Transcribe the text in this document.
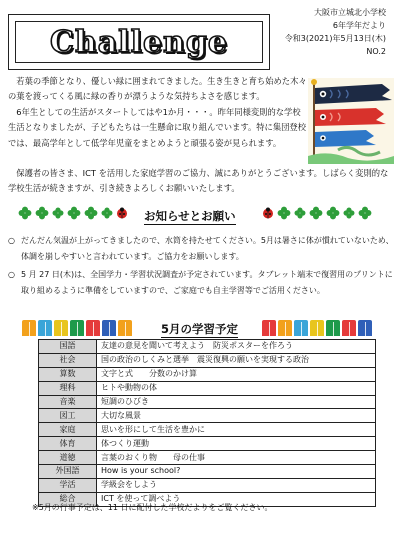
Challenge
大阪市立城北小学校
6年学年だより
令和3(2021)年5月13日(木)
NO.2

若葉の季節となり、優しい緑に囲まれてきました。生き生きと育ち始めた木々の葉を渡ってくる風に緑の香りが漂うような気持ちよさを感じます。

6年生としての生活がスタートしてはや1か月・・・。昨年同様変則的な学校生活となりましたが、子どもたちは一生懸命に取り組んでいます。特に集団登校では、最高学年として低学年児童をまとめようと頑張る姿が見られます。

保護者の皆さま、ICT を活用した家庭学習のご協力、誠にありがとうございます。しばらく変則的な学校生活が続きますが、引き続きよろしくお願いいたします。

お知らせとお願い
○ だんだん気温が上がってきましたので、水筒を持たせてください。5月は暑さに体が慣れていないため、
体調を崩しやすいと言われています。ご協力をお願いします。
○ 5 月 27 日(木)は、全国学力・学習状況調査が予定されています。タブレット端末で復習用のプリントに
取り組めるように準備をしていますので、ご家庭でも自主学習等でご活用ください。
5月の学習予定
国語	友達の意見を聞いて考えよう　防災ポスターを作ろう
社会	国の政治のしくみと選挙　震災復興の願いを実現する政治
算数	文字と式　　分数のかけ算
理科	ヒトや動物の体
音楽	短調のひびき
図工	大切な風景
家庭	思いを形にして生活を豊かに
体育	体つくり運動
道徳	言葉のおくり物　　母の仕事
外国語	How is your school?
学活	学級会をしよう
総合	ICT を使って調べよう
※5月の行事予定は、11 日に配付した学校だよりをご覧ください。
